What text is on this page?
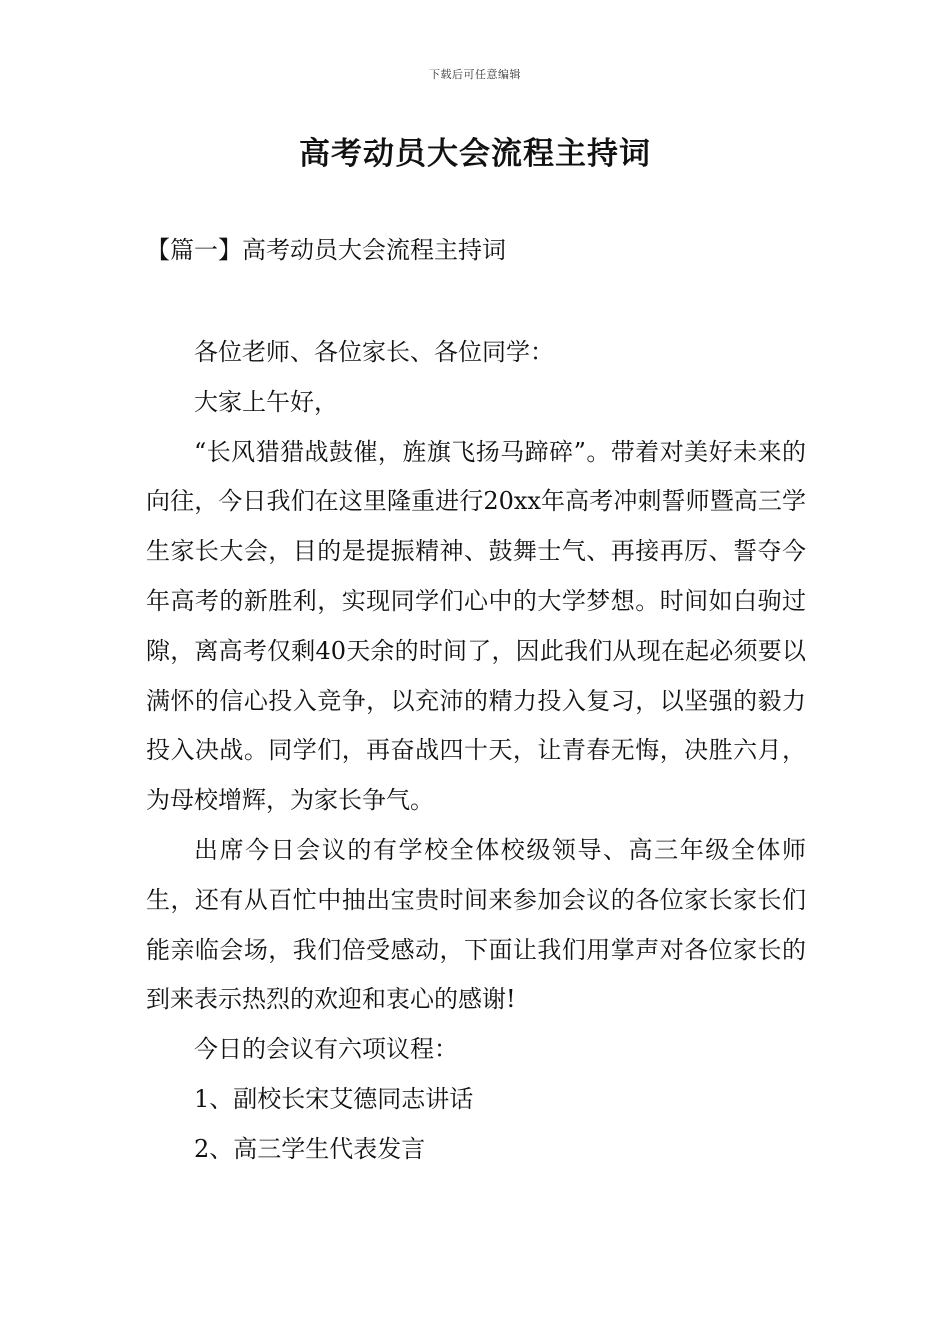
下载后可任意编辑
高考动员大会流程主持词
【篇一】高考动员大会流程主持词

各位老师、各位家长、各位同学：

大家上午好，

“长风猎猎战鼓催，旌旗飞扬马蹄碎”。带着对美好未来的向往，今日我们在这里隆重进行20xx年高考冲刺誓师暨高三学生家长大会，目的是提振精神、鼓舞士气、再接再厉、誓夺今年高考的新胜利，实现同学们心中的大学梦想。时间如白驹过隙，离高考仅剩40天余的时间了，因此我们从现在起必须要以满怀的信心投入竞争，以充沛的精力投入复习，以坚强的毅力投入决战。同学们，再奋战四十天，让青春无悔，决胜六月，为母校增辉，为家长争气。

出席今日会议的有学校全体校级领导、高三年级全体师生，还有从百忙中抽出宝贵时间来参加会议的各位家长家长们能亲临会场，我们倍受感动，下面让我们用掌声对各位家长的到来表示热烈的欢迎和衷心的感谢!

今日的会议有六项议程：

1、副校长宋艾德同志讲话

2、高三学生代表发言
